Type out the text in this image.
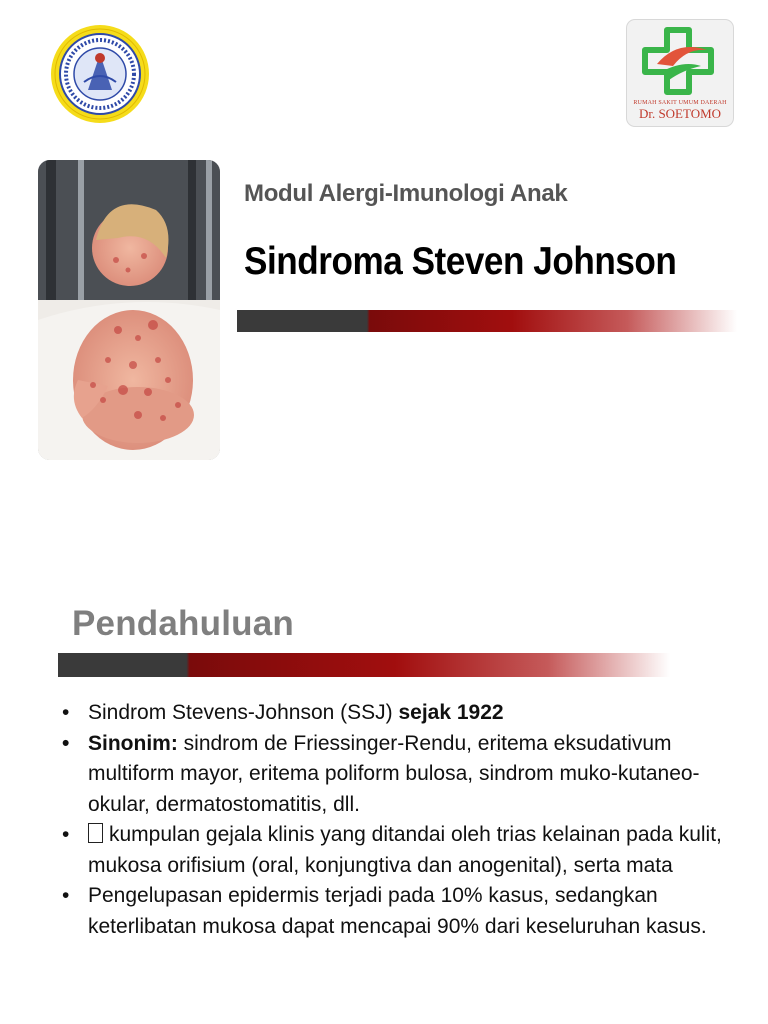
RUMAH SAKIT UMUM DAERAH
Dr. SOETOMO
Modul Alergi-Imunologi Anak
Sindroma Steven Johnson
Pendahuluan
• Sindrom Stevens-Johnson (SSJ) sejak 1922
• Sinonim: sindrom de Friessinger-Rendu, eritema eksudativum multiform mayor, eritema poliform bulosa, sindrom muko-kutaneo-okular, dermatostomatitis, dll.
• kumpulan gejala klinis yang ditandai oleh trias kelainan pada kulit, mukosa orifisium (oral, konjungtiva dan anogenital), serta mata
• Pengelupasan epidermis terjadi pada 10% kasus, sedangkan keterlibatan mukosa dapat mencapai 90% dari keseluruhan kasus.
